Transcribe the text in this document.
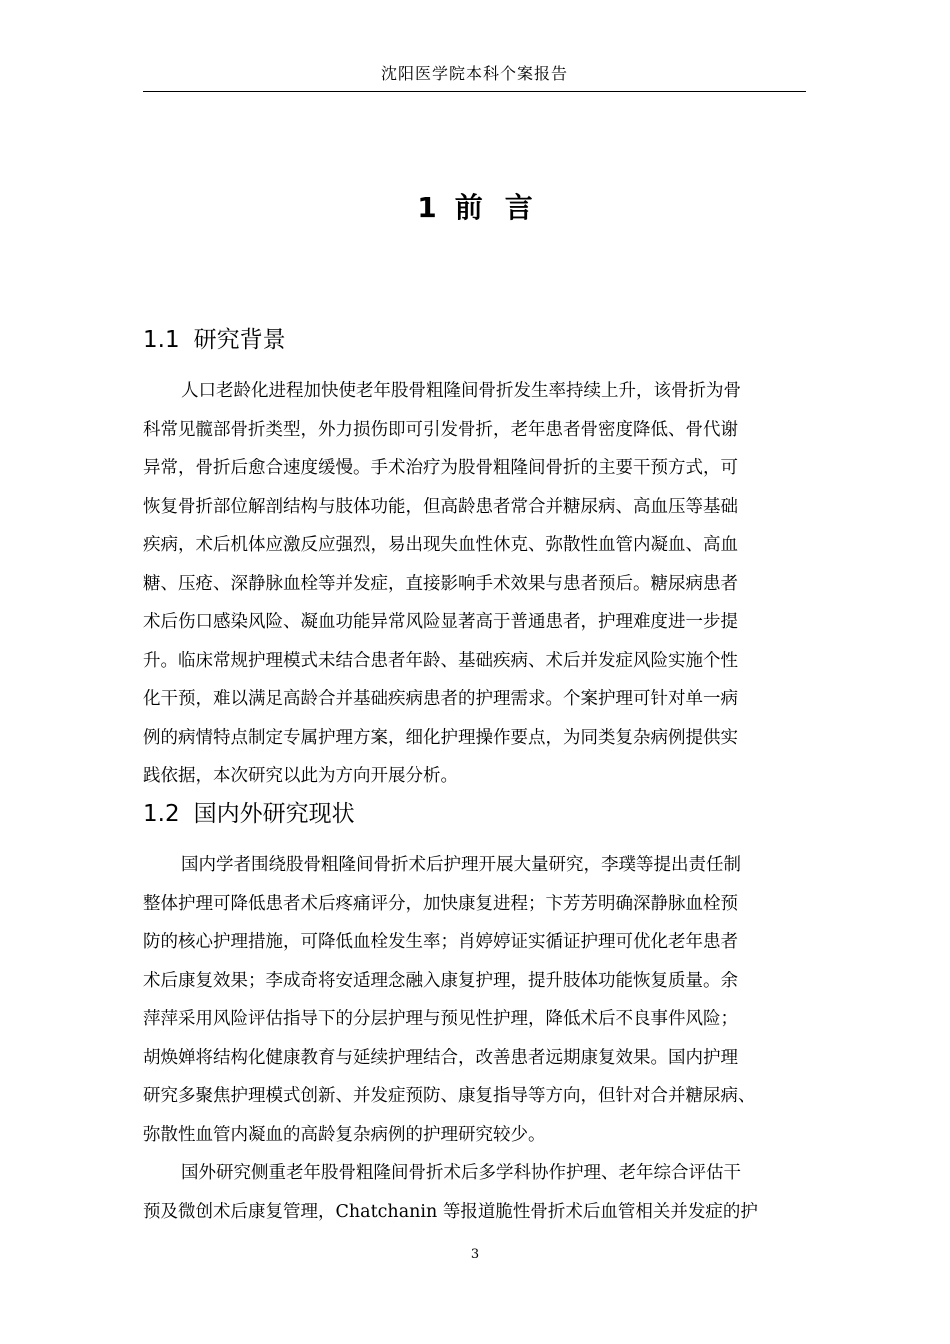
沈阳医学院本科个案报告
1 前 言
1.1 研究背景
人口老龄化进程加快使老年股骨粗隆间骨折发生率持续上升，该骨折为骨
科常见髋部骨折类型，外力损伤即可引发骨折，老年患者骨密度降低、骨代谢
异常，骨折后愈合速度缓慢。手术治疗为股骨粗隆间骨折的主要干预方式，可
恢复骨折部位解剖结构与肢体功能，但高龄患者常合并糖尿病、高血压等基础
疾病，术后机体应激反应强烈，易出现失血性休克、弥散性血管内凝血、高血
糖、压疮、深静脉血栓等并发症，直接影响手术效果与患者预后。糖尿病患者
术后伤口感染风险、凝血功能异常风险显著高于普通患者，护理难度进一步提
升。临床常规护理模式未结合患者年龄、基础疾病、术后并发症风险实施个性
化干预，难以满足高龄合并基础疾病患者的护理需求。个案护理可针对单一病
例的病情特点制定专属护理方案，细化护理操作要点，为同类复杂病例提供实
践依据，本次研究以此为方向开展分析。
1.2 国内外研究现状
国内学者围绕股骨粗隆间骨折术后护理开展大量研究，李璞等提出责任制
整体护理可降低患者术后疼痛评分，加快康复进程；卞芳芳明确深静脉血栓预
防的核心护理措施，可降低血栓发生率；肖婷婷证实循证护理可优化老年患者
术后康复效果；李成奇将安适理念融入康复护理，提升肢体功能恢复质量。余
萍萍采用风险评估指导下的分层护理与预见性护理，降低术后不良事件风险；
胡焕婵将结构化健康教育与延续护理结合，改善患者远期康复效果。国内护理
研究多聚焦护理模式创新、并发症预防、康复指导等方向，但针对合并糖尿病、
弥散性血管内凝血的高龄复杂病例的护理研究较少。
国外研究侧重老年股骨粗隆间骨折术后多学科协作护理、老年综合评估干
预及微创术后康复管理，Chatchanin 等报道脆性骨折术后血管相关并发症的护
3
